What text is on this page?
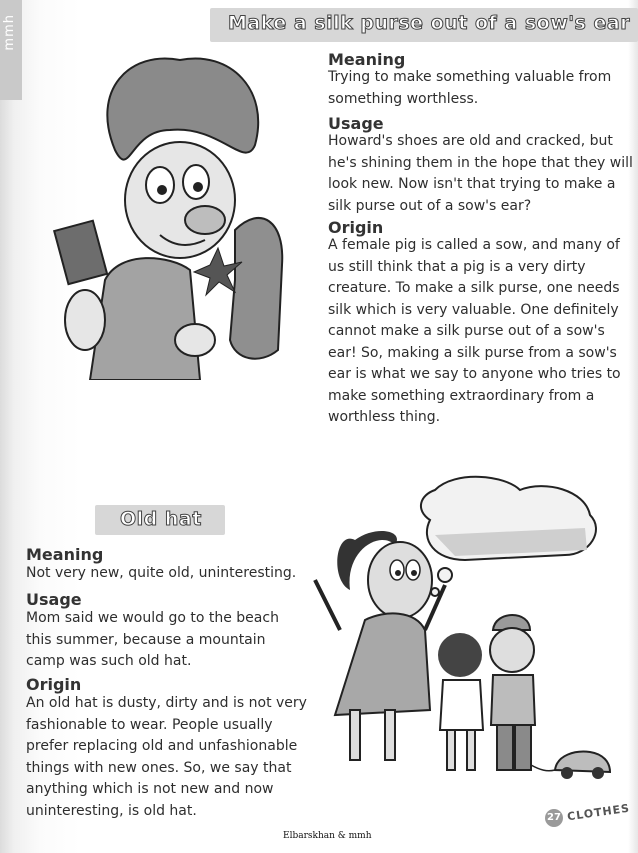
mmh	Make a silk purse out of a sow's ear
Meaning
Trying to make something valuable from
something worthless.
Usage
Howard's shoes are old and cracked, but
he's shining them in the hope that they will
look new. Now isn't that trying to make a
silk purse out of a sow's ear?
Origin
A female pig is called a sow, and many of
us still think that a pig is a very dirty
creature. To make a silk purse, one needs
silk which is very valuable. One definitely
cannot make a silk purse out of a sow's
ear! So, making a silk purse from a sow's
ear is what we say to anyone who tries to
make something extraordinary from a
worthless thing.
Old hat
Meaning
Not very new, quite old, uninteresting.
Usage
Mom said we would go to the beach
this summer, because a mountain
camp was such old hat.
Origin
An old hat is dusty, dirty and is not very
fashionable to wear. People usually
prefer replacing old and unfashionable
things with new ones. So, we say that
anything which is not new and now
uninteresting, is old hat.
Elbarskhan & mmh
27 CLOTHES
